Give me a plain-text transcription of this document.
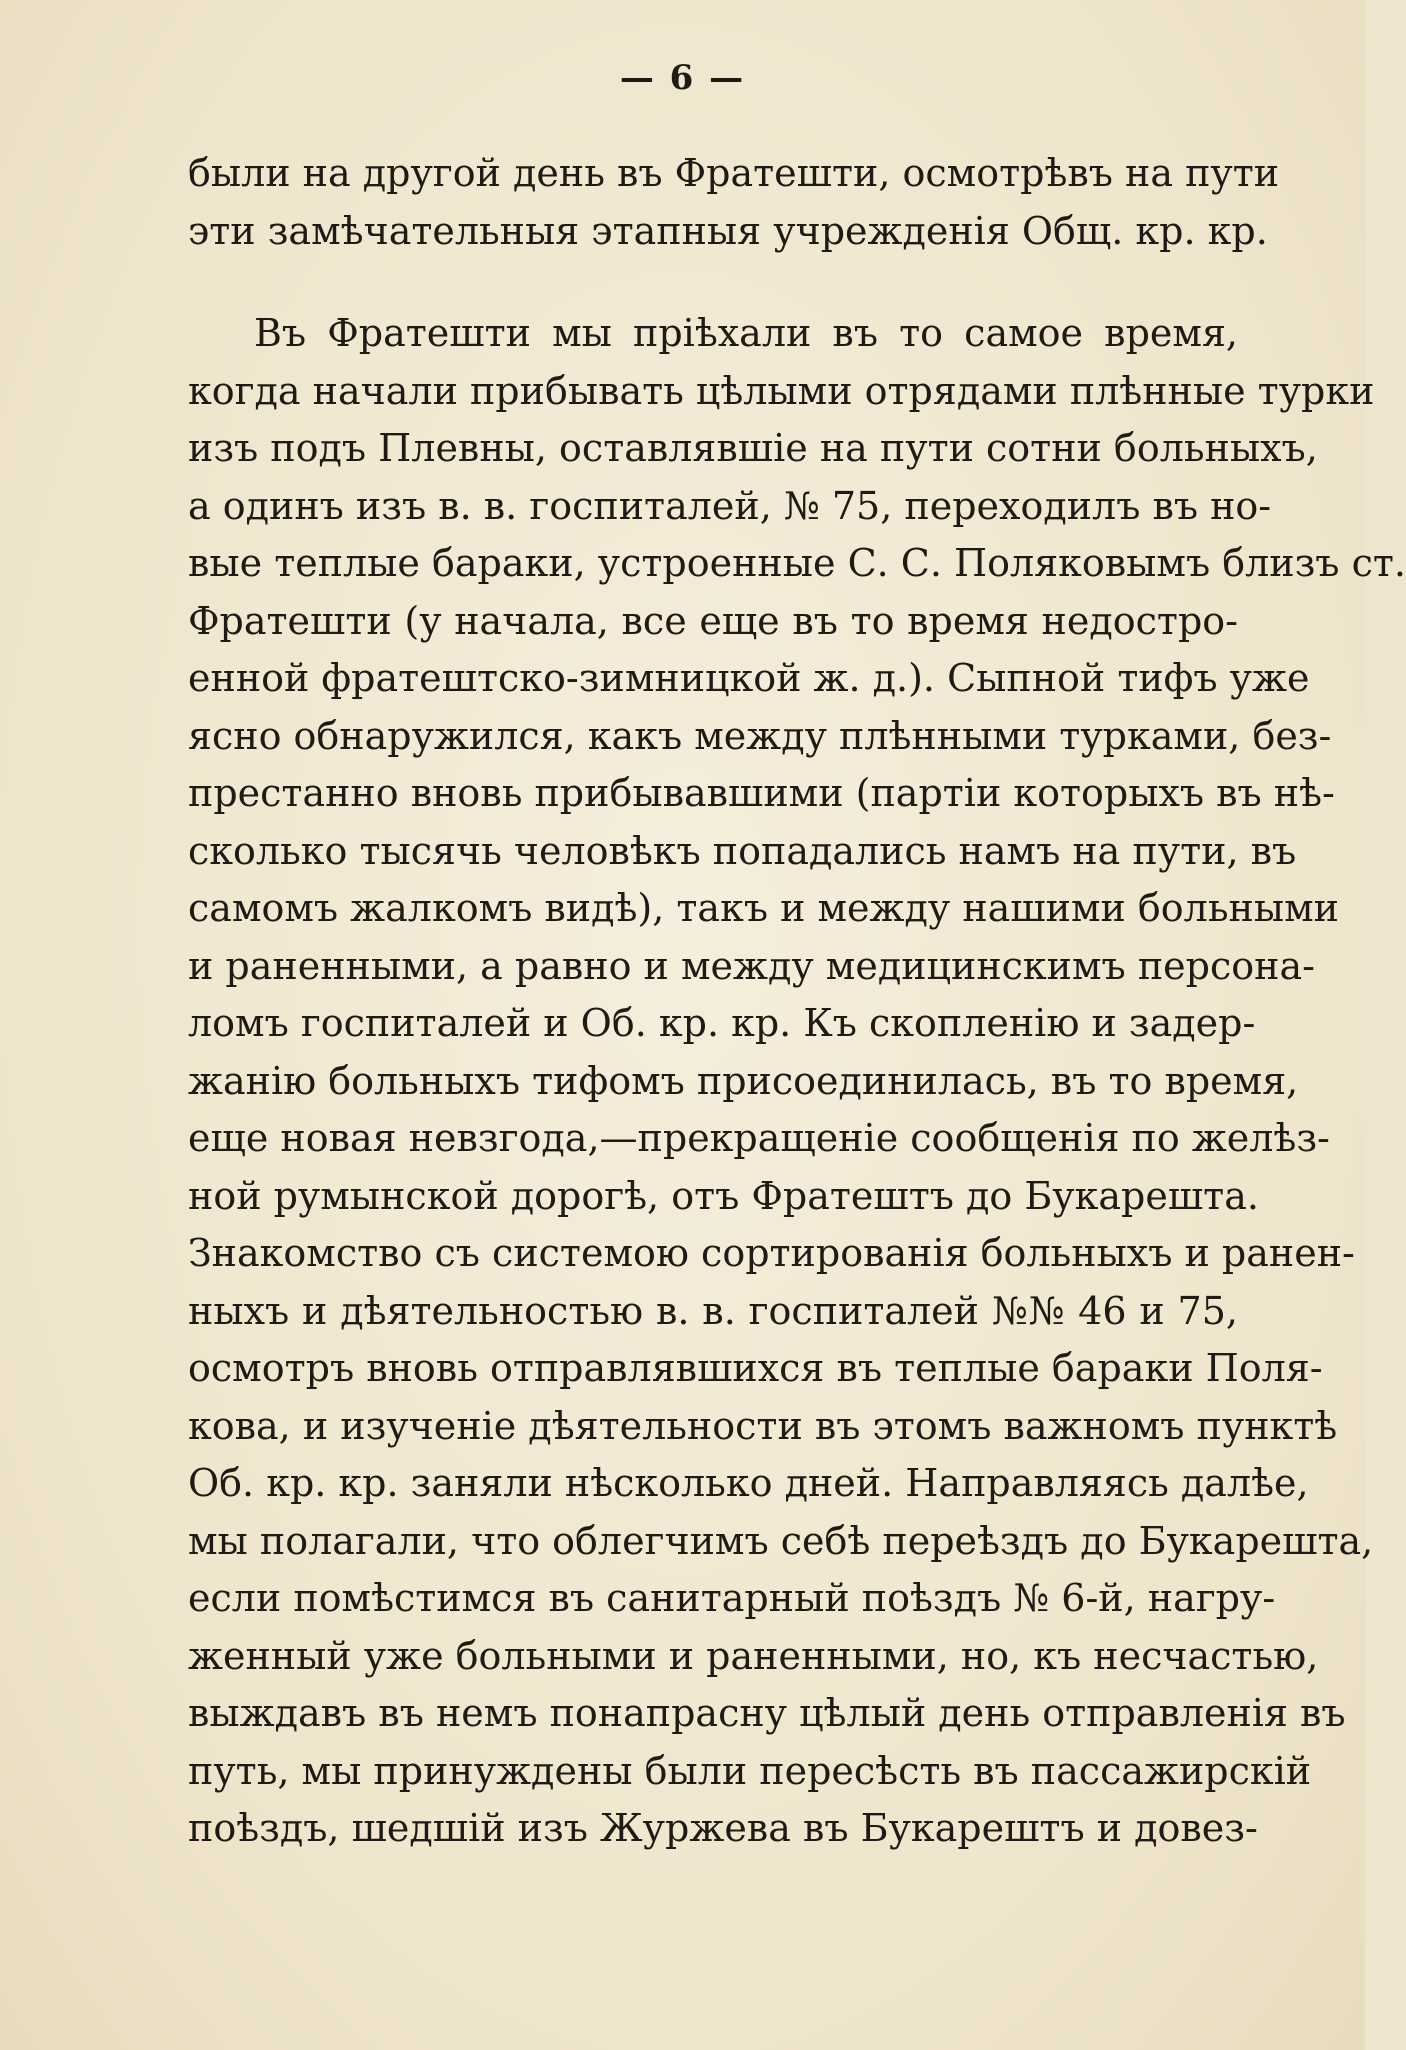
— 6 —
были на другой день въ Фратешти, осмотрѣвъ на пути
эти замѣчательныя этапныя учрежденія Общ. кр. кр.
Въ Фратешти мы пріѣхали въ то самое время,
когда начали прибывать цѣлыми отрядами плѣнные турки
изъ подъ Плевны, оставлявшіе на пути сотни больныхъ,
а одинъ изъ в. в. госпиталей, № 75, переходилъ въ но-
вые теплые бараки, устроенные С. С. Поляковымъ близъ ст.
Фратешти (у начала, все еще въ то время недостро-
енной фратештско-зимницкой ж. д.). Сыпной тифъ уже
ясно обнаружился, какъ между плѣнными турками, без-
престанно вновь прибывавшими (партіи которыхъ въ нѣ-
сколько тысячь человѣкъ попадались намъ на пути, въ
самомъ жалкомъ видѣ), такъ и между нашими больными
и раненными, а равно и между медицинскимъ персона-
ломъ госпиталей и Об. кр. кр. Къ скопленію и задер-
жанію больныхъ тифомъ присоединилась, въ то время,
еще новая невзгода,—прекращеніе сообщенія по желѣз-
ной румынской дорогѣ, отъ Фратештъ до Букарешта.
Знакомство съ системою сортированія больныхъ и ранен-
ныхъ и дѣятельностью в. в. госпиталей №№ 46 и 75,
осмотръ вновь отправлявшихся въ теплые бараки Поля-
кова, и изученіе дѣятельности въ этомъ важномъ пунктѣ
Об. кр. кр. заняли нѣсколько дней. Направляясь далѣе,
мы полагали, что облегчимъ себѣ переѣздъ до Букарешта,
если помѣстимся въ санитарный поѣздъ № 6-й, нагру-
женный уже больными и раненными, но, къ несчастью,
выждавъ въ немъ понапрасну цѣлый день отправленія въ
путь, мы принуждены были пересѣсть въ пассажирскій
поѣздъ, шедшій изъ Журжева въ Букарештъ и довез-
